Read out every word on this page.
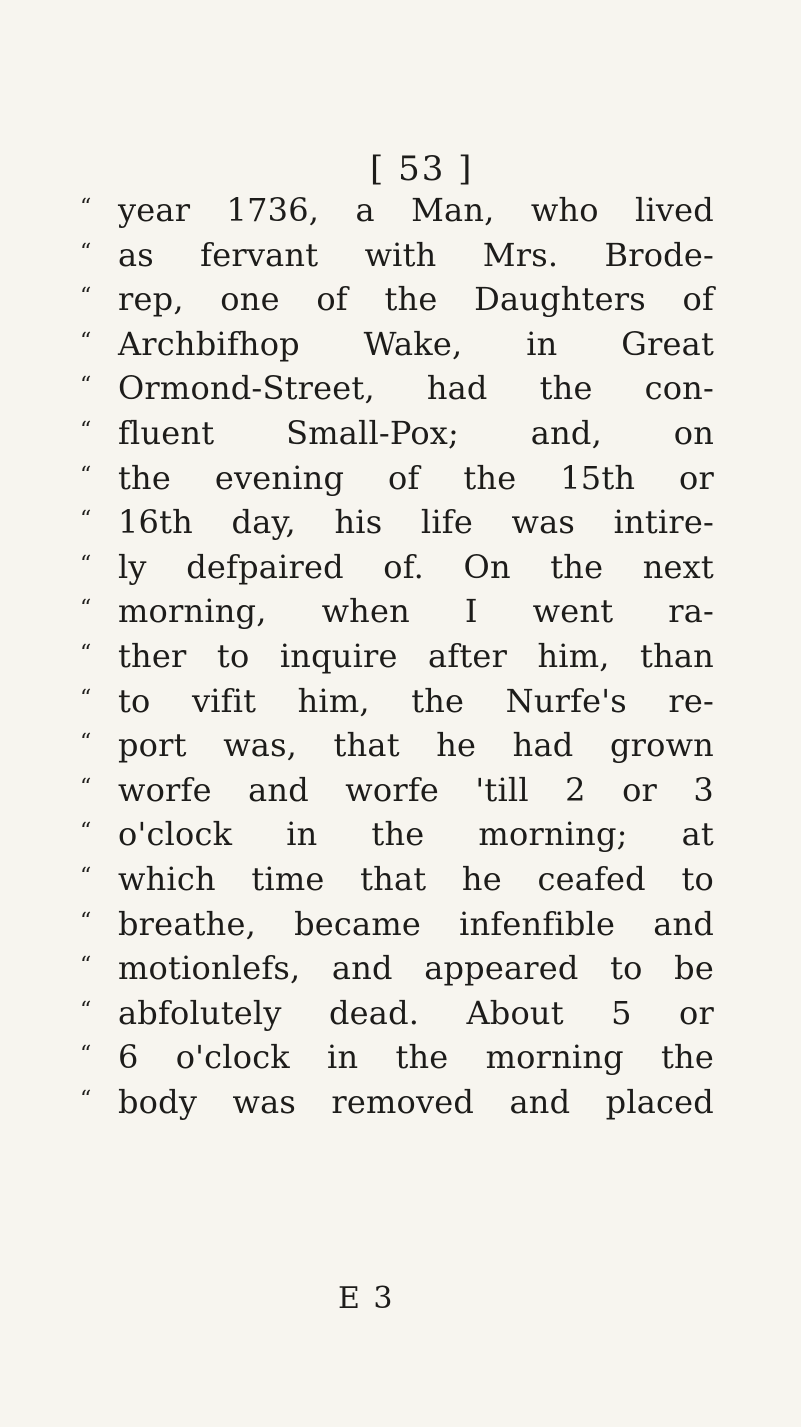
[ 53 ]
“ year 1736, a Man, who lived
“ as fervant with Mrs. Brode-
“ rep, one of the Daughters of
“ Archbifhop Wake, in Great
“ Ormond-Street, had the con-
“ fluent Small-Pox; and, on
“ the evening of the 15th or
“ 16th day, his life was intire-
“ ly defpaired of. On the next
“ morning, when I went ra-
“ ther to inquire after him, than
“ to vifit him, the Nurfe's re-
“ port was, that he had grown
“ worfe and worfe 'till 2 or 3
“ o'clock in the morning; at
“ which time that he ceafed to
“ breathe, became infenfible and
“ motionlefs, and appeared to be
“ abfolutely dead. About 5 or
“ 6 o'clock in the morning the
“ body was removed and placed
E 3
